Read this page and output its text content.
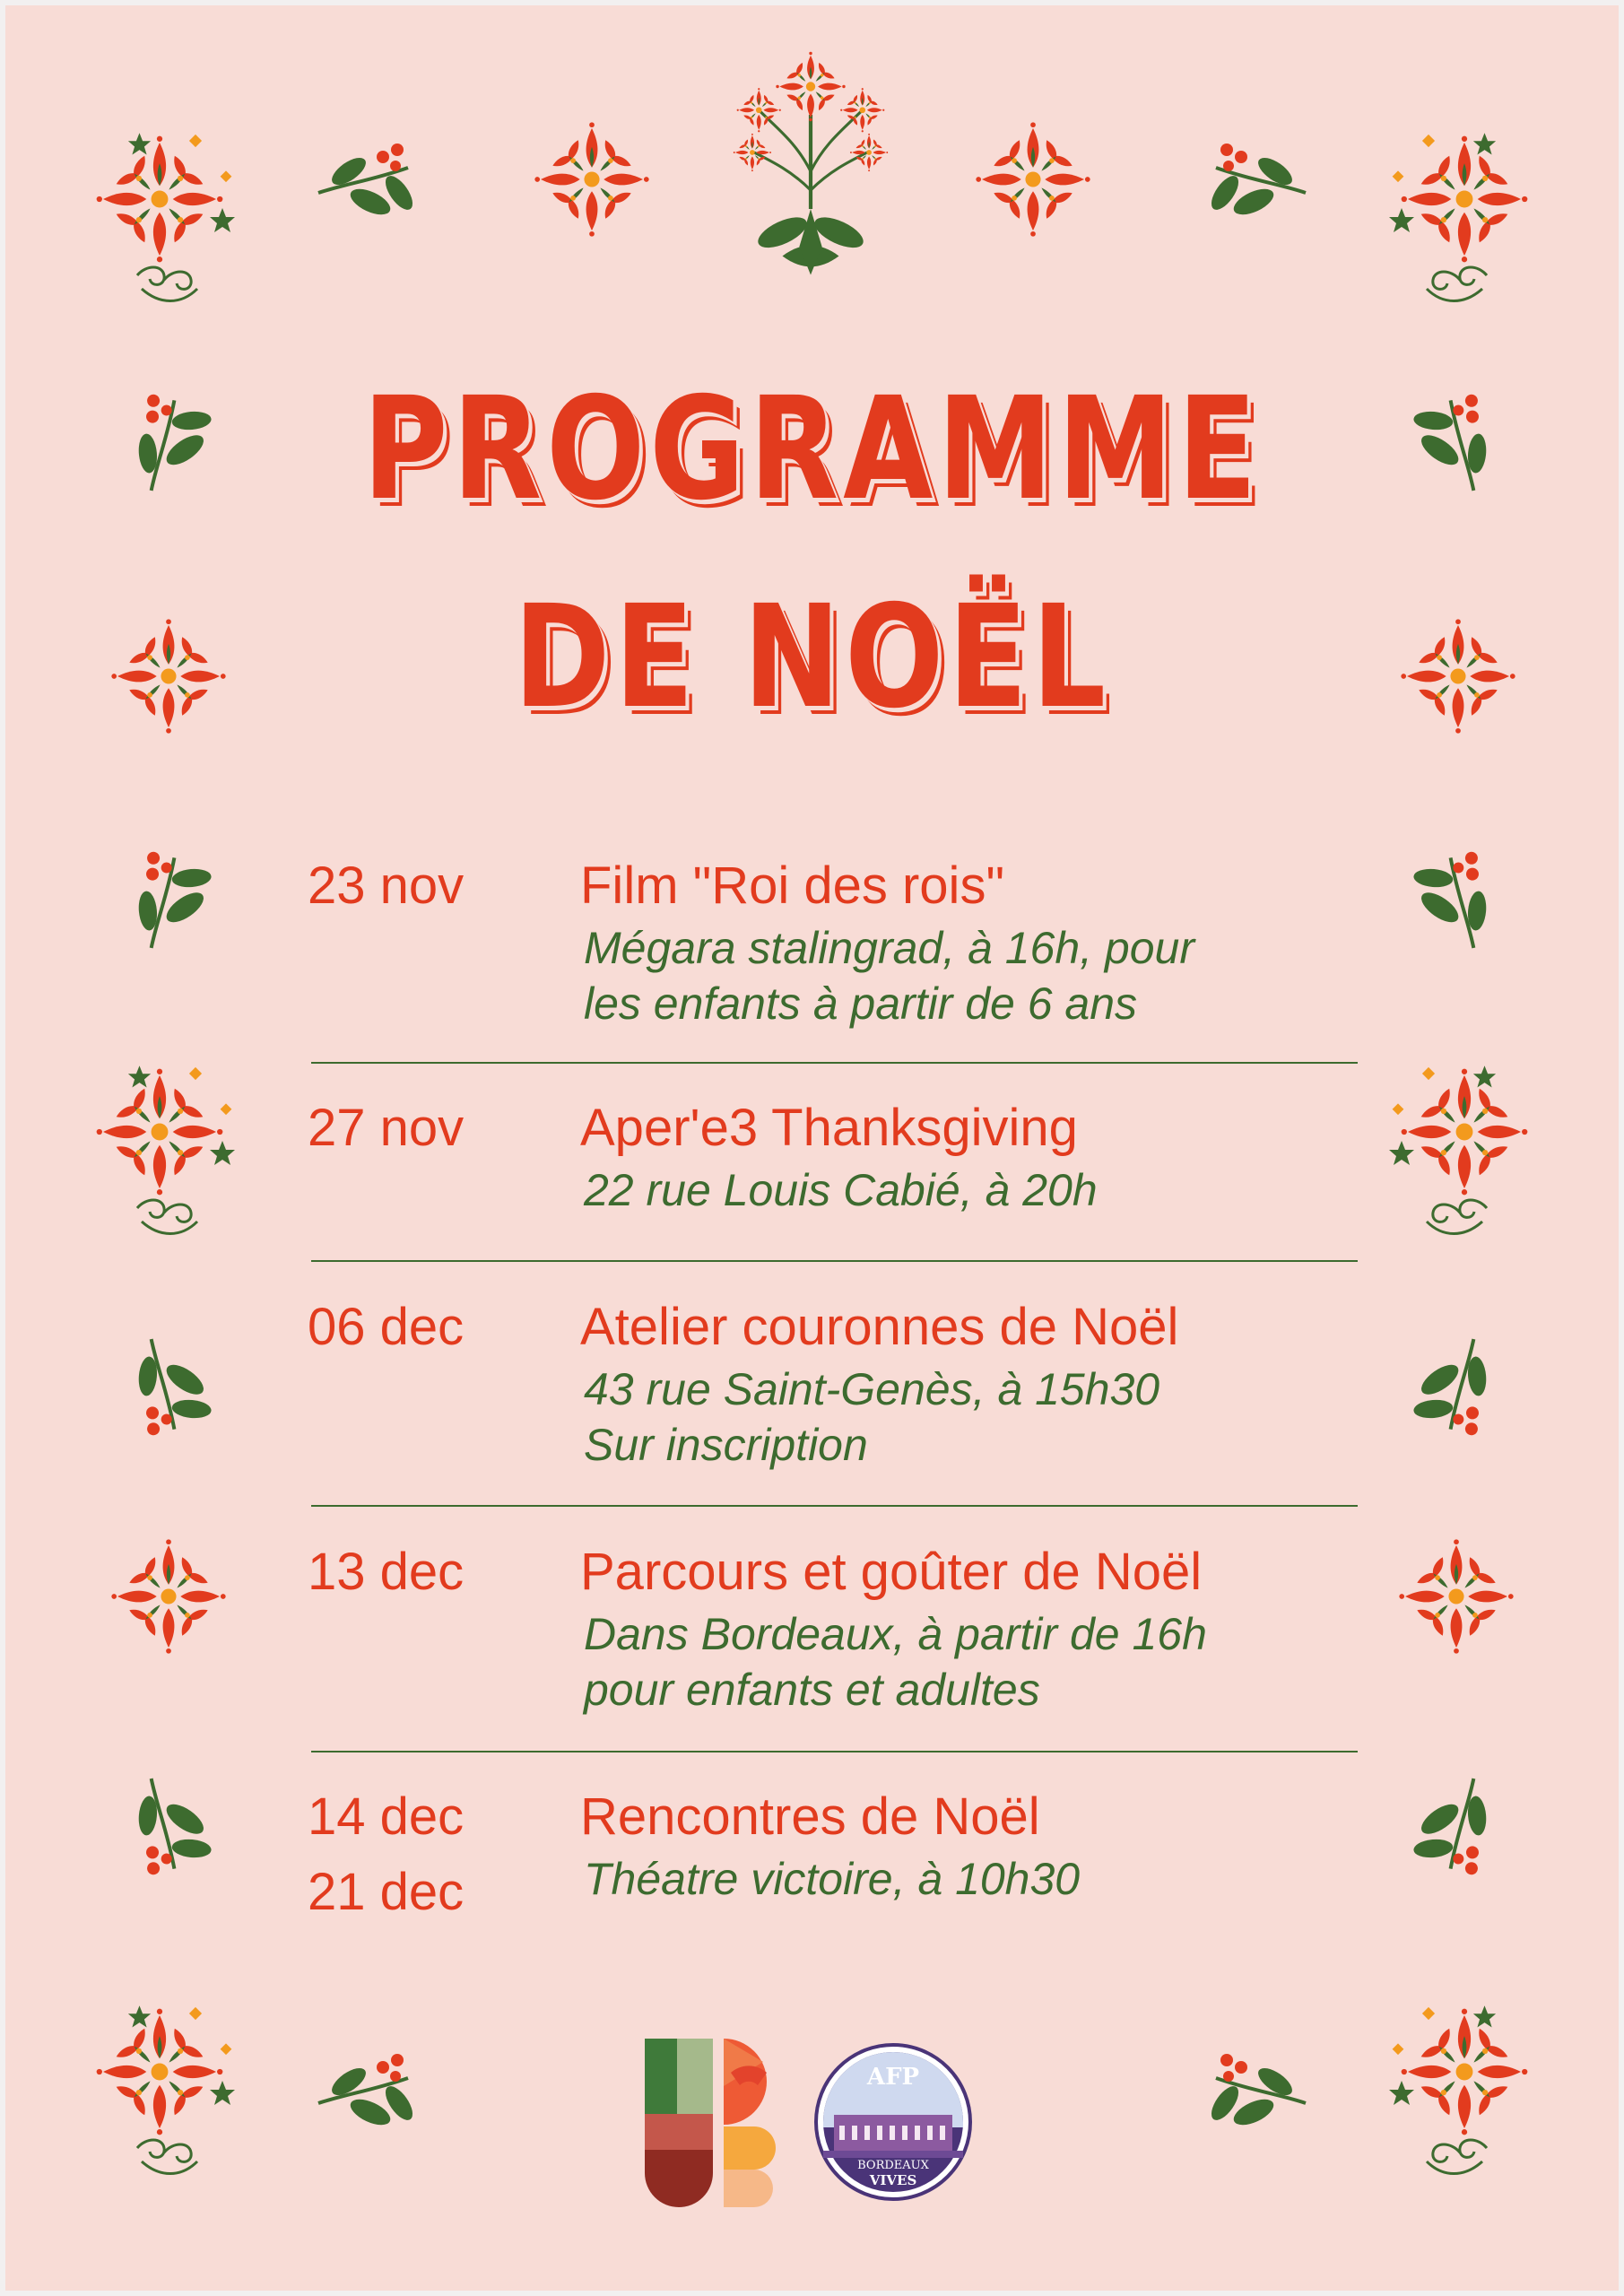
PROGRAMME
DE NOËL
23 nov Film "Roi des rois"
Mégara stalingrad, à 16h, pour
les enfants à partir de 6 ans
27 nov Aper'e3 Thanksgiving
22 rue Louis Cabié, à 20h
06 dec Atelier couronnes de Noël
43 rue Saint-Genès, à 15h30
Sur inscription
13 dec Parcours et goûter de Noël
Dans Bordeaux, à partir de 16h
pour enfants et adultes
14 dec
21 dec
Rencontres de Noël
Théatre victoire, à 10h30
AFP
BORDEAUX
VIVES
